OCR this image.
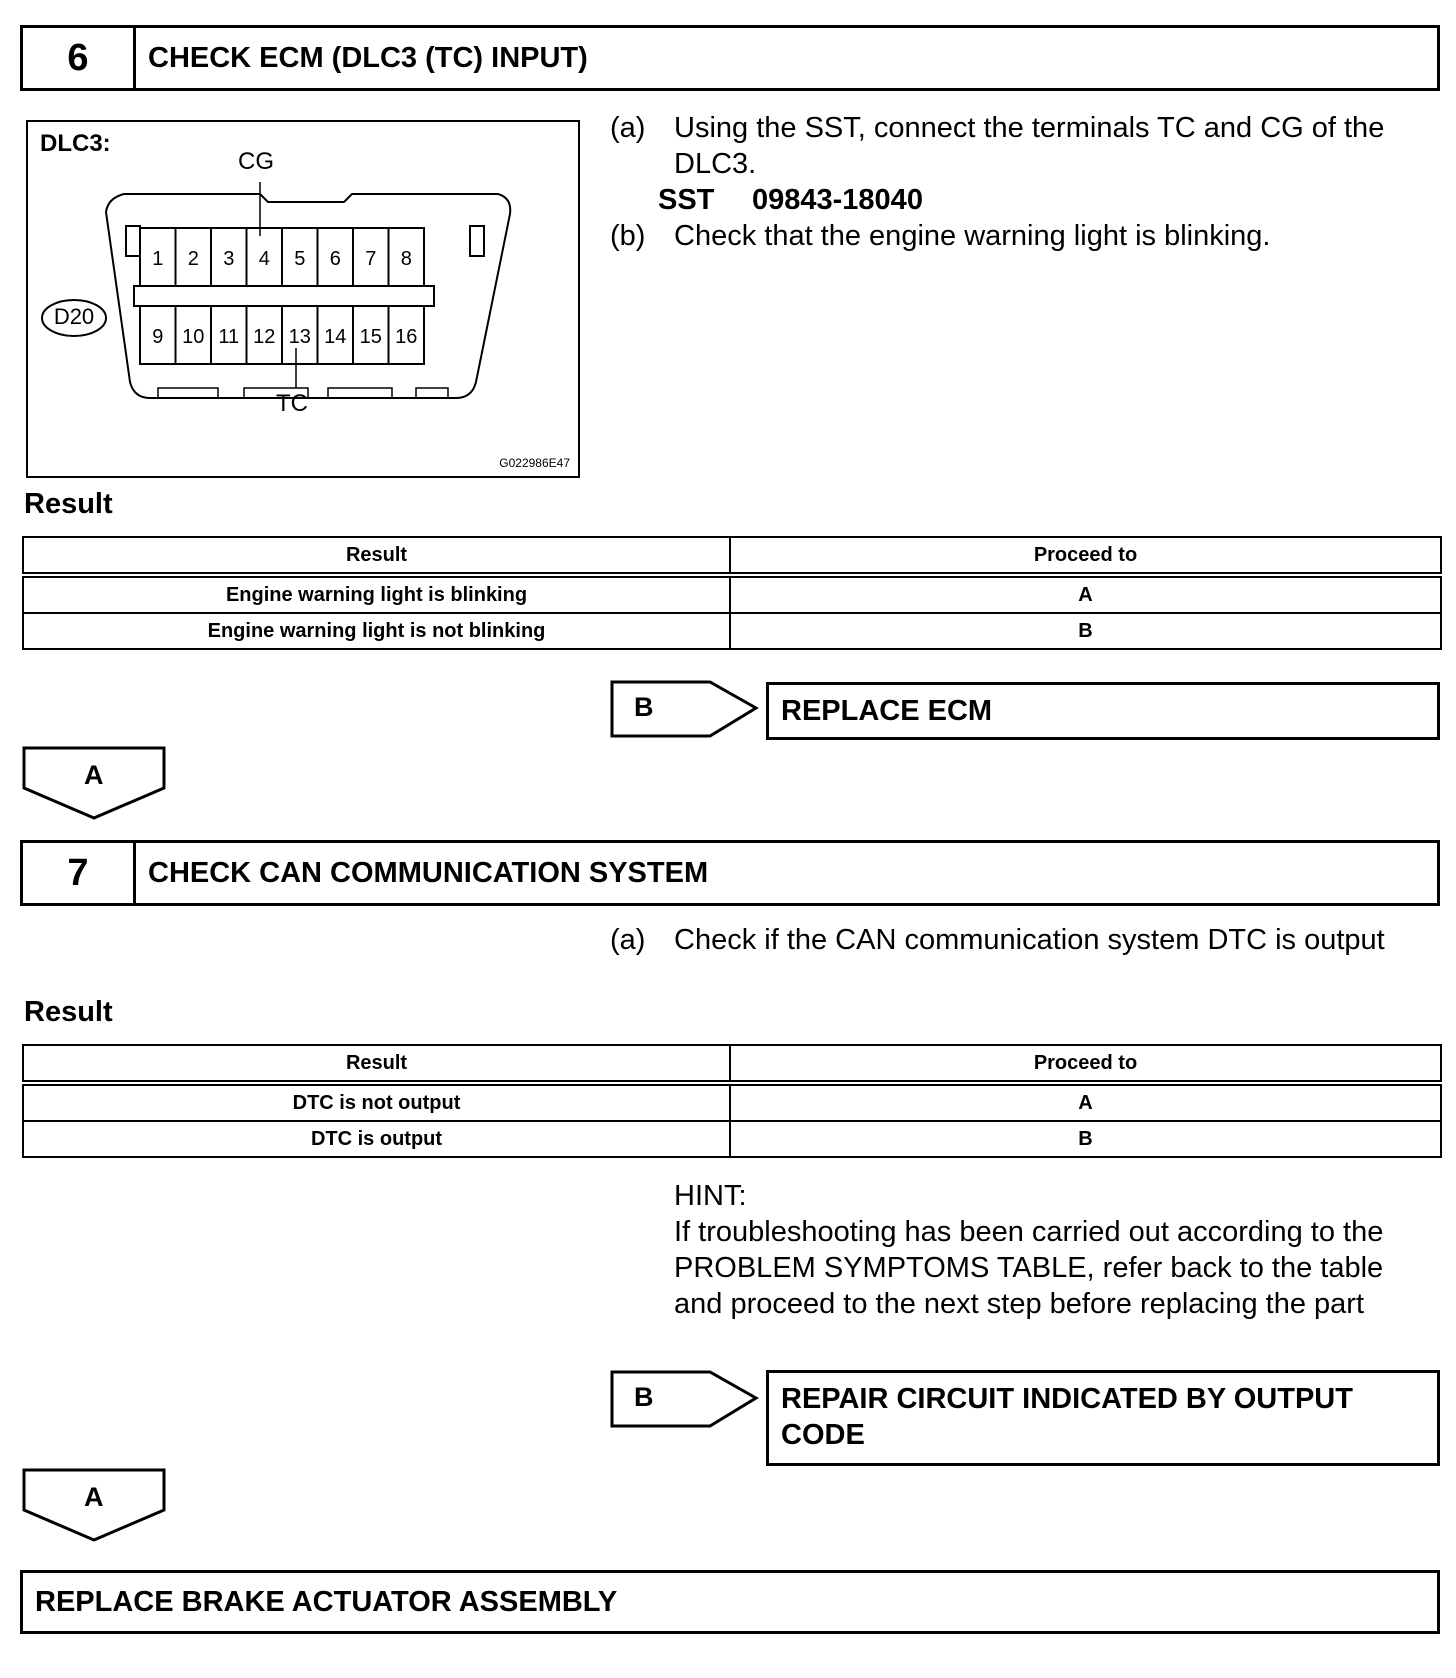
6	CHECK ECM (DLC3 (TC) INPUT)
1 2 3 4 5 6 7 8
9 10 11 12 13 14 15 16
DLC3:
CG
TC
D20
G022986E47
(a) Using the SST, connect the terminals TC and CG of the
DLC3.
SST 09843-18040
(b) Check that the engine warning light is blinking.
Result
Result	Proceed to
Engine warning light is blinking	A
Engine warning light is not blinking	B
B	REPLACE ECM
A
7	CHECK CAN COMMUNICATION SYSTEM
(a) Check if the CAN communication system DTC is output
Result
Result	Proceed to
DTC is not output	A
DTC is output	B
HINT:
If troubleshooting has been carried out according to the
PROBLEM SYMPTOMS TABLE, refer back to the table
and proceed to the next step before replacing the part
B	REPAIR CIRCUIT INDICATED BY OUTPUT
CODE
A
REPLACE BRAKE ACTUATOR ASSEMBLY
